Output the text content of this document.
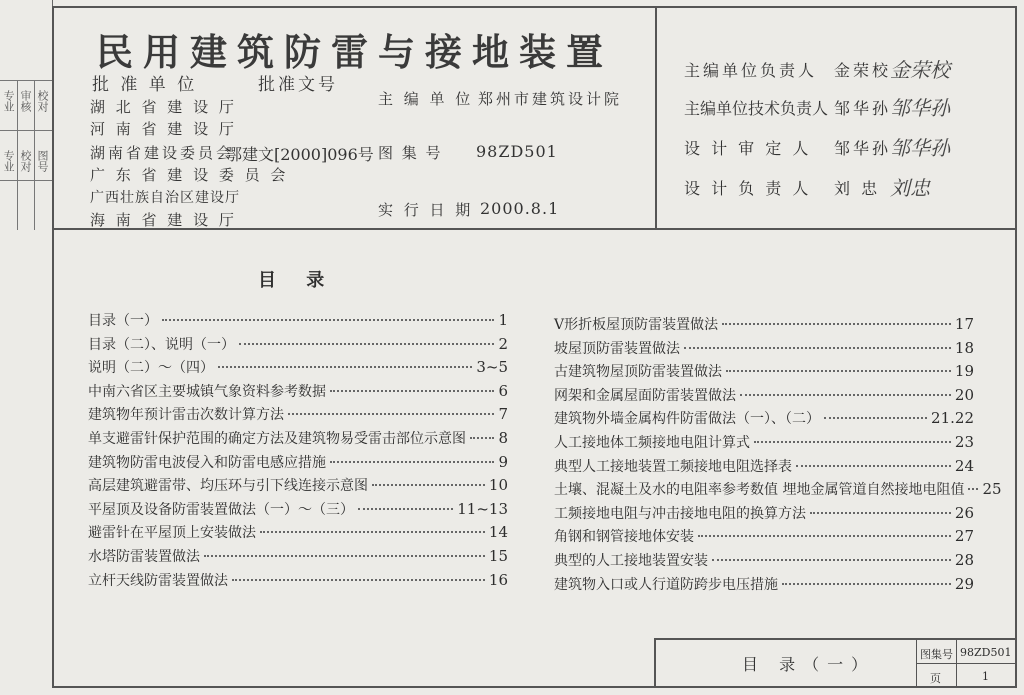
专业 审核 校对
专业 校对 图号
民用建筑防雷与接地装置
批 准 单 位	批准文号
湖 北 省 建 设 厅
河 南 省 建 设 厅
湖南省建设委员会
广 东 省 建 设 委 员 会
广西壮族自治区建设厅
海 南 省 建 设 厅
鄂建文[2000]096号
主 编 单 位 郑州市建筑设计院
图 集 号 98ZD501
实 行 日 期 2000.8.1
主编单位负责人 金荣校
金荣校
主编单位技术负责人 邹华孙
邹华孙
设 计 审 定 人 邹华孙
邹华孙
设 计 负 责 人 刘 忠 刘忠
目 录
目录（一）	1
目录（二）、说明（一）	2
说明（二）～（四）	3~5
中南六省区主要城镇气象资料参考数据	6
建筑物年预计雷击次数计算方法	7
单支避雷针保护范围的确定方法及建筑物易受雷击部位示意图 8
建筑物防雷电波侵入和防雷电感应措施	9
高层建筑避雷带、均压环与引下线连接示意图	10
平屋顶及设备防雷装置做法（一）～（三）	11~13
避雷针在平屋顶上安装做法	14
水塔防雷装置做法	15
立杆天线防雷装置做法	16
V形折板屋顶防雷装置做法	17
坡屋顶防雷装置做法	18
古建筑物屋顶防雷装置做法	19
网架和金属屋面防雷装置做法	20
建筑物外墙金属构件防雷做法（一）、（二）	21.22
人工接地体工频接地电阻计算式	23
典型人工接地装置工频接地电阻选择表	24
土壤、混凝土及水的电阻率参考数值 埋地金属管道自然接地电阻值 25
工频接地电阻与冲击接地电阻的换算方法	26
角钢和钢管接地体安装	27
典型的人工接地装置安装	28
建筑物入口或人行道防跨步电压措施	29
目 录（一）
图集号 98ZD501
页	1
